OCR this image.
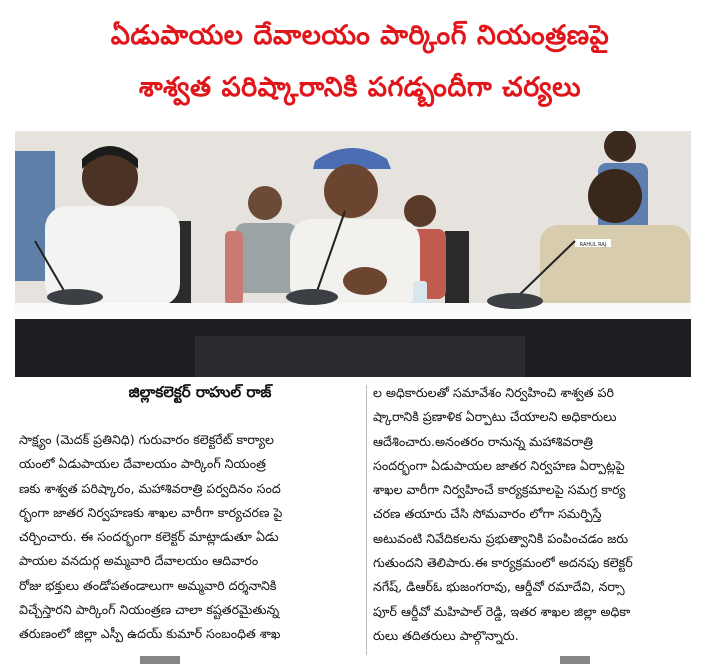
ఏడుపాయల దేవాలయం పార్కింగ్ నియంత్రణపై
శాశ్వత పరిష్కారానికి పగడ్బందీగా చర్యలు
RAHUL RAJ
జిల్లాకలెక్టర్ రాహుల్ రాజ్

సాక్ష్యం (మెదక్ ప్రతినిధి) గురువారం కలెక్టరేట్ కార్యాల

యంలో ఏడుపాయల దేవాలయం పార్కింగ్ నియంత్ర

ణకు శాశ్వత పరిష్కారం, మహాశివరాత్రి పర్వదినం సంద

ర్భంగా జాతర నిర్వహణకు శాఖల వారీగా కార్యచరణ పై

చర్చించారు. ఈ సందర్భంగా కలెక్టర్ మాట్లాడుతూ ఏడు

పాయల వనదుర్గ అమ్మవారి దేవాలయం ఆదివారం

రోజు భక్తులు తండోపతండాలుగా అమ్మవారి దర్శనానికి

విచ్చేస్తారని పార్కింగ్ నియంత్రణ చాలా కష్టతరమైతున్న

తరుణంలో జిల్లా ఎస్పీ ఉదయ్ కుమార్ సంబంధిత శాఖ

ల అధికారులతో సమావేశం నిర్వహించి శాశ్వత పరి

ష్కారానికి ప్రణాళిక ఏర్పాటు చేయాలని అధికారులు

ఆదేశించారు.అనంతరం రానున్న మహాశివరాత్రి

సందర్భంగా ఏడుపాయల జాతర నిర్వహణ ఏర్పాట్లపై

శాఖల వారీగా నిర్వహించే కార్యక్రమాలపై సమగ్ర కార్య

చరణ తయారు చేసి సోమవారం లోగా సమర్పిస్తే

అటువంటి నివేదికలను ప్రభుత్వానికి పంపించడం జరు

గుతుందని తెలిపారు.ఈ కార్యక్రమంలో అదనపు కలెక్టర్

నగేష్, డిఆర్ఓ భుజంగరావు, ఆర్డీవో రమాదేవి, నర్సా

పూర్ ఆర్డీవో మహిపాల్ రెడ్డి, ఇతర శాఖల జిల్లా అధికా

రులు తదితరులు పాల్గొన్నారు.
